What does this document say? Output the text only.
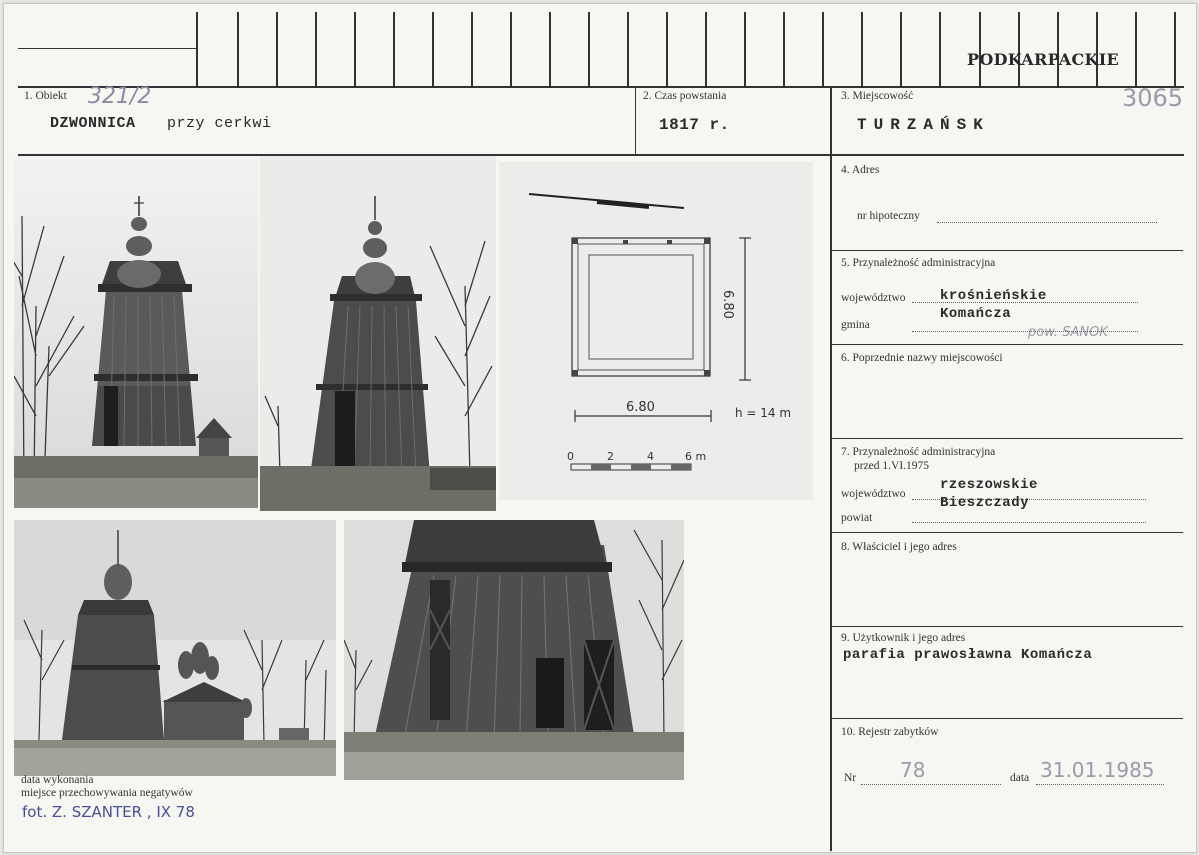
PODKARPACKIE
1. Obiekt 321/2
DZWONNICA przy cerkwi
2. Czas powstania
1817 r.
3. Miejscowość
TURZAŃSK
3065
6.80
6.80	h = 14 m
0	2	4	6 m
4. Adres
nr hipoteczny
5. Przynależność administracyjna
województwo krośnieńskie
gmina
Komańcza
pow. SANOK
6. Poprzednie nazwy miejscowości
7. Przynależność administracyjna
przed 1.VI.1975
województwo
rzeszowskie
powiat
Bieszczady
8. Właściciel i jego adres
9. Użytkownik i jego adres
parafia prawosławna Komańcza
10. Rejestr zabytków
Nr 78	data 31.01.1985
data wykonania
miejsce przechowywania negatywów
fot. Z. SZANTER , IX 78
